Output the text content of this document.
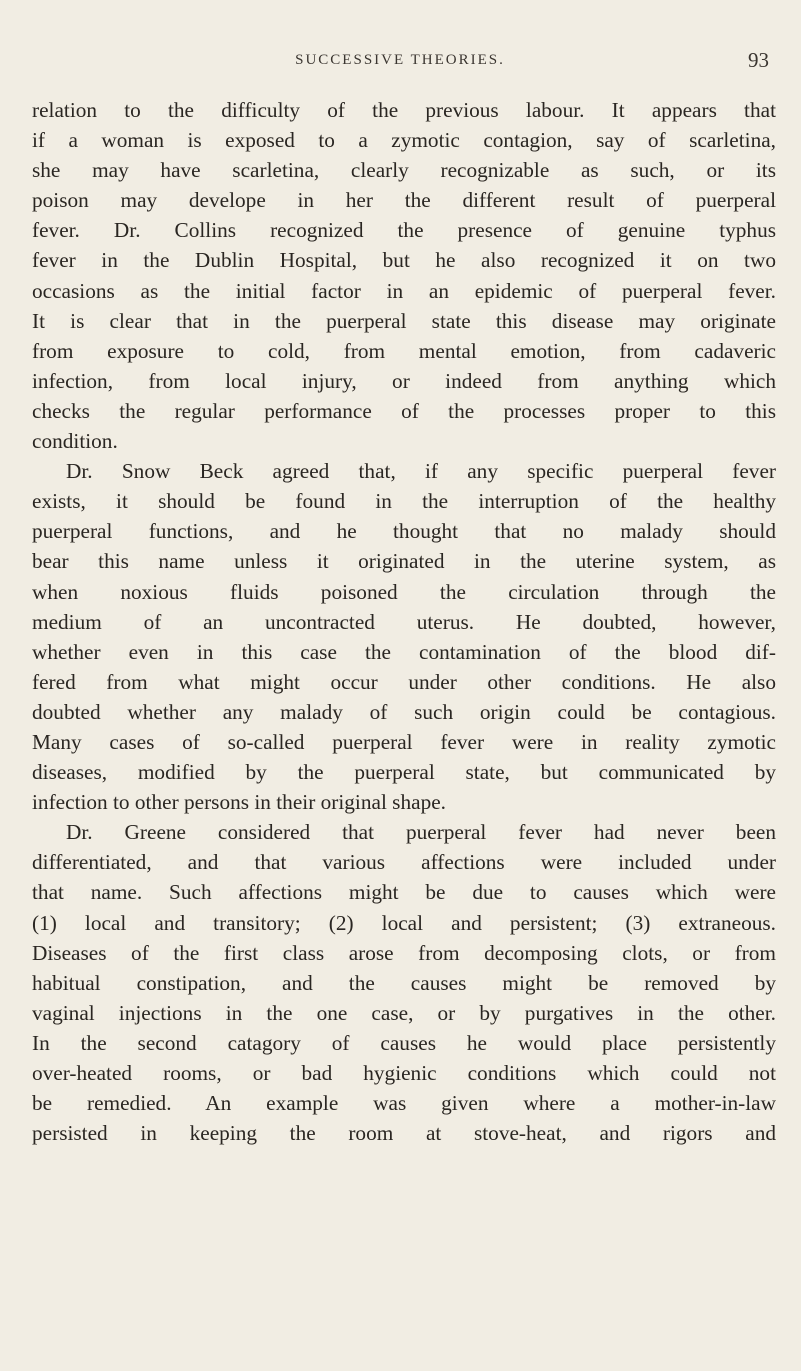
SUCCESSIVE THEORIES.	93
relation to the difficulty of the previous labour. It appears that
if a woman is exposed to a zymotic contagion, say of scarletina,
she may have scarletina, clearly recognizable as such, or its
poison may develope in her the different result of puerperal
fever. Dr. Collins recognized the presence of genuine typhus
fever in the Dublin Hospital, but he also recognized it on two
occasions as the initial factor in an epidemic of puerperal fever.
It is clear that in the puerperal state this disease may originate
from exposure to cold, from mental emotion, from cadaveric
infection, from local injury, or indeed from anything which
checks the regular performance of the processes proper to this
condition.
Dr. Snow Beck agreed that, if any specific puerperal fever
exists, it should be found in the interruption of the healthy
puerperal functions, and he thought that no malady should
bear this name unless it originated in the uterine system, as
when noxious fluids poisoned the circulation through the
medium of an uncontracted uterus. He doubted, however,
whether even in this case the contamination of the blood dif-
fered from what might occur under other conditions. He also
doubted whether any malady of such origin could be contagious.
Many cases of so-called puerperal fever were in reality zymotic
diseases, modified by the puerperal state, but communicated by
infection to other persons in their original shape.
Dr. Greene considered that puerperal fever had never been
differentiated, and that various affections were included under
that name. Such affections might be due to causes which were
(1) local and transitory; (2) local and persistent; (3) extraneous.
Diseases of the first class arose from decomposing clots, or from
habitual constipation, and the causes might be removed by
vaginal injections in the one case, or by purgatives in the other.
In the second catagory of causes he would place persistently
over-heated rooms, or bad hygienic conditions which could not
be remedied. An example was given where a mother-in-law
persisted in keeping the room at stove-heat, and rigors and
